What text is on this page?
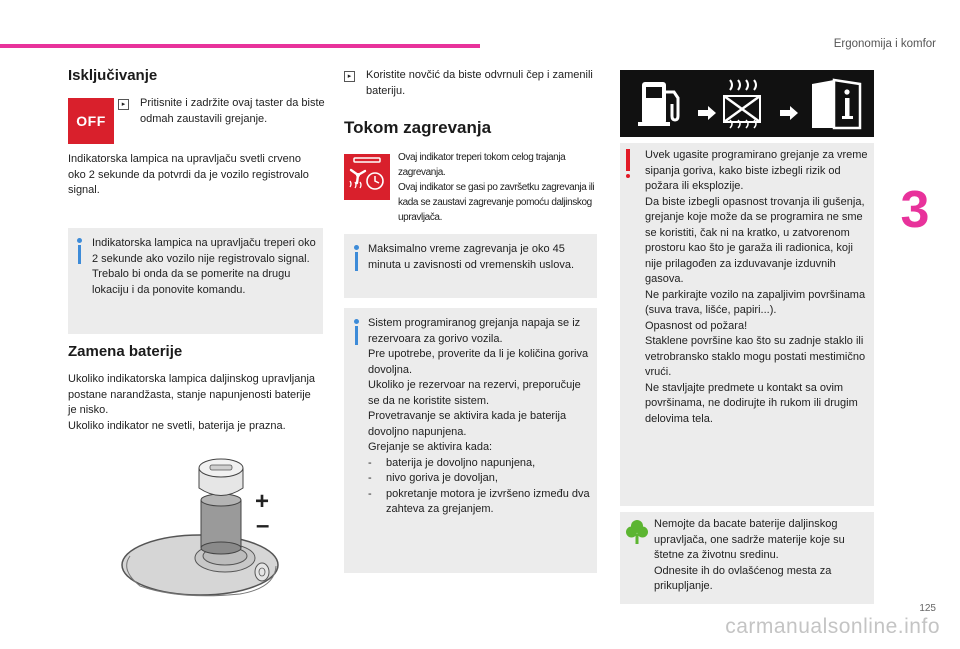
Ergonomija i komfor
3
Isključivanje
OFF
▸	Pritisnite i zadržite ovaj taster da biste odmah zaustavili grejanje.
Indikatorska lampica na upravljaču svetli crveno oko 2 sekunde da potvrdi da je vozilo registrovalo signal.
Indikatorska lampica na upravljaču treperi oko 2 sekunde ako vozilo nije registrovalo signal.
Trebalo bi onda da se pomerite na drugu lokaciju i da ponovite komandu.
Zamena baterije
Ukoliko indikatorska lampica daljinskog upravljanja postane narandžasta, stanje napunjenosti baterije je nisko.
Ukoliko indikator ne svetli, baterija je prazna.
+
–
▸	Koristite novčić da biste odvrnuli čep i zamenili bateriju.
Tokom zagrevanja
Ovaj indikator treperi tokom celog trajanja zagrevanja.
Ovaj indikator se gasi po završetku zagrevanja ili kada se zaustavi zagrevanje pomoću daljinskog upravljača.
Maksimalno vreme zagrevanja je oko 45 minuta u zavisnosti od vremenskih uslova.
Sistem programiranog grejanja napaja se iz rezervoara za gorivo vozila.
Pre upotrebe, proverite da li je količina goriva dovoljna.
Ukoliko je rezervoar na rezervi, preporučuje se da ne koristite sistem.
Provetravanje se aktivira kada je baterija dovoljno napunjena.
Grejanje se aktivira kada:
- baterija je dovoljno napunjena,
- nivo goriva je dovoljan,
- pokretanje motora je izvršeno između dva zahteva za grejanjem.
Uvek ugasite programirano grejanje za vreme sipanja goriva, kako biste izbegli rizik od požara ili eksplozije.
Da biste izbegli opasnost trovanja ili gušenja, grejanje koje može da se programira ne sme se koristiti, čak ni na kratko, u zatvorenom prostoru kao što je garaža ili radionica, koji nije prilagođen za izduvavanje izduvnih gasova.
Ne parkirajte vozilo na zapaljivim površinama (suva trava, lišće, papiri...).
Opasnost od požara!
Staklene površine kao što su zadnje staklo ili vetrobransko staklo mogu postati mestimično vrući.
Ne stavljajte predmete u kontakt sa ovim površinama, ne dodirujte ih rukom ili drugim delovima tela.
Nemojte da bacate baterije daljinskog upravljača, one sadrže materije koje su štetne za životnu sredinu.
Odnesite ih do ovlašćenog mesta za prikupljanje.
125
carmanualsonline.info
